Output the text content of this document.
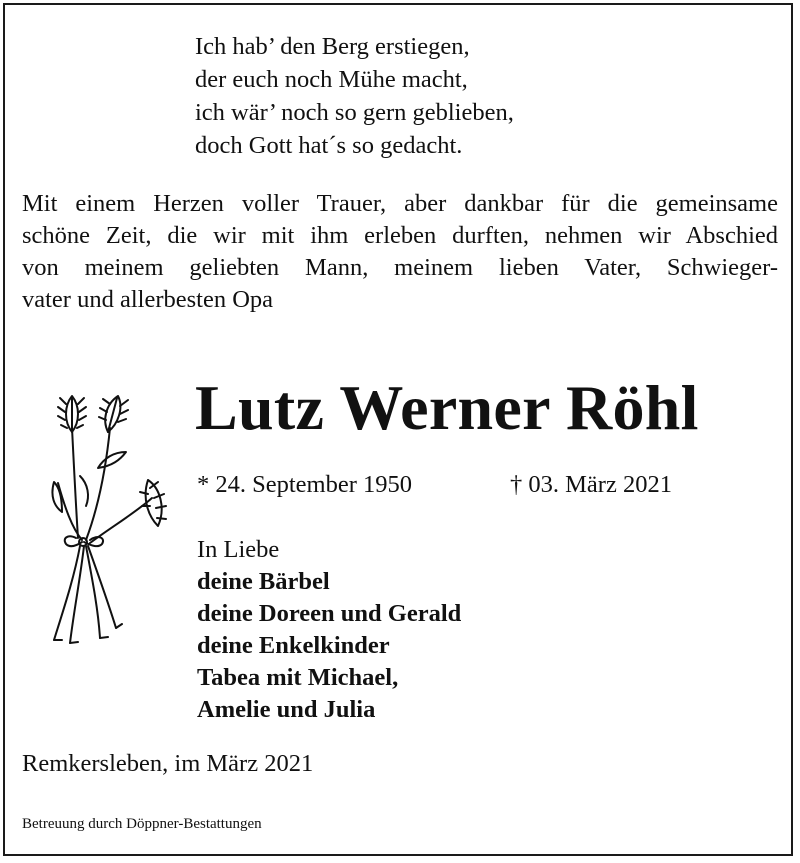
Ich hab’ den Berg erstiegen,
der euch noch Mühe macht,
ich wär’ noch so gern geblieben,
doch Gott hat´s so gedacht.
Mit einem Herzen voller Trauer, aber dankbar für die gemeinsame
schöne Zeit, die wir mit ihm erleben durften, nehmen wir Abschied
von meinem geliebten Mann, meinem lieben Vater, Schwieger-
vater und allerbesten Opa
Lutz Werner Röhl
* 24. September 1950	† 03. März 2021
In Liebe
deine Bärbel
deine Doreen und Gerald
deine Enkelkinder
Tabea mit Michael,
Amelie und Julia
Remkersleben, im März 2021
Betreuung durch Döppner-Bestattungen
